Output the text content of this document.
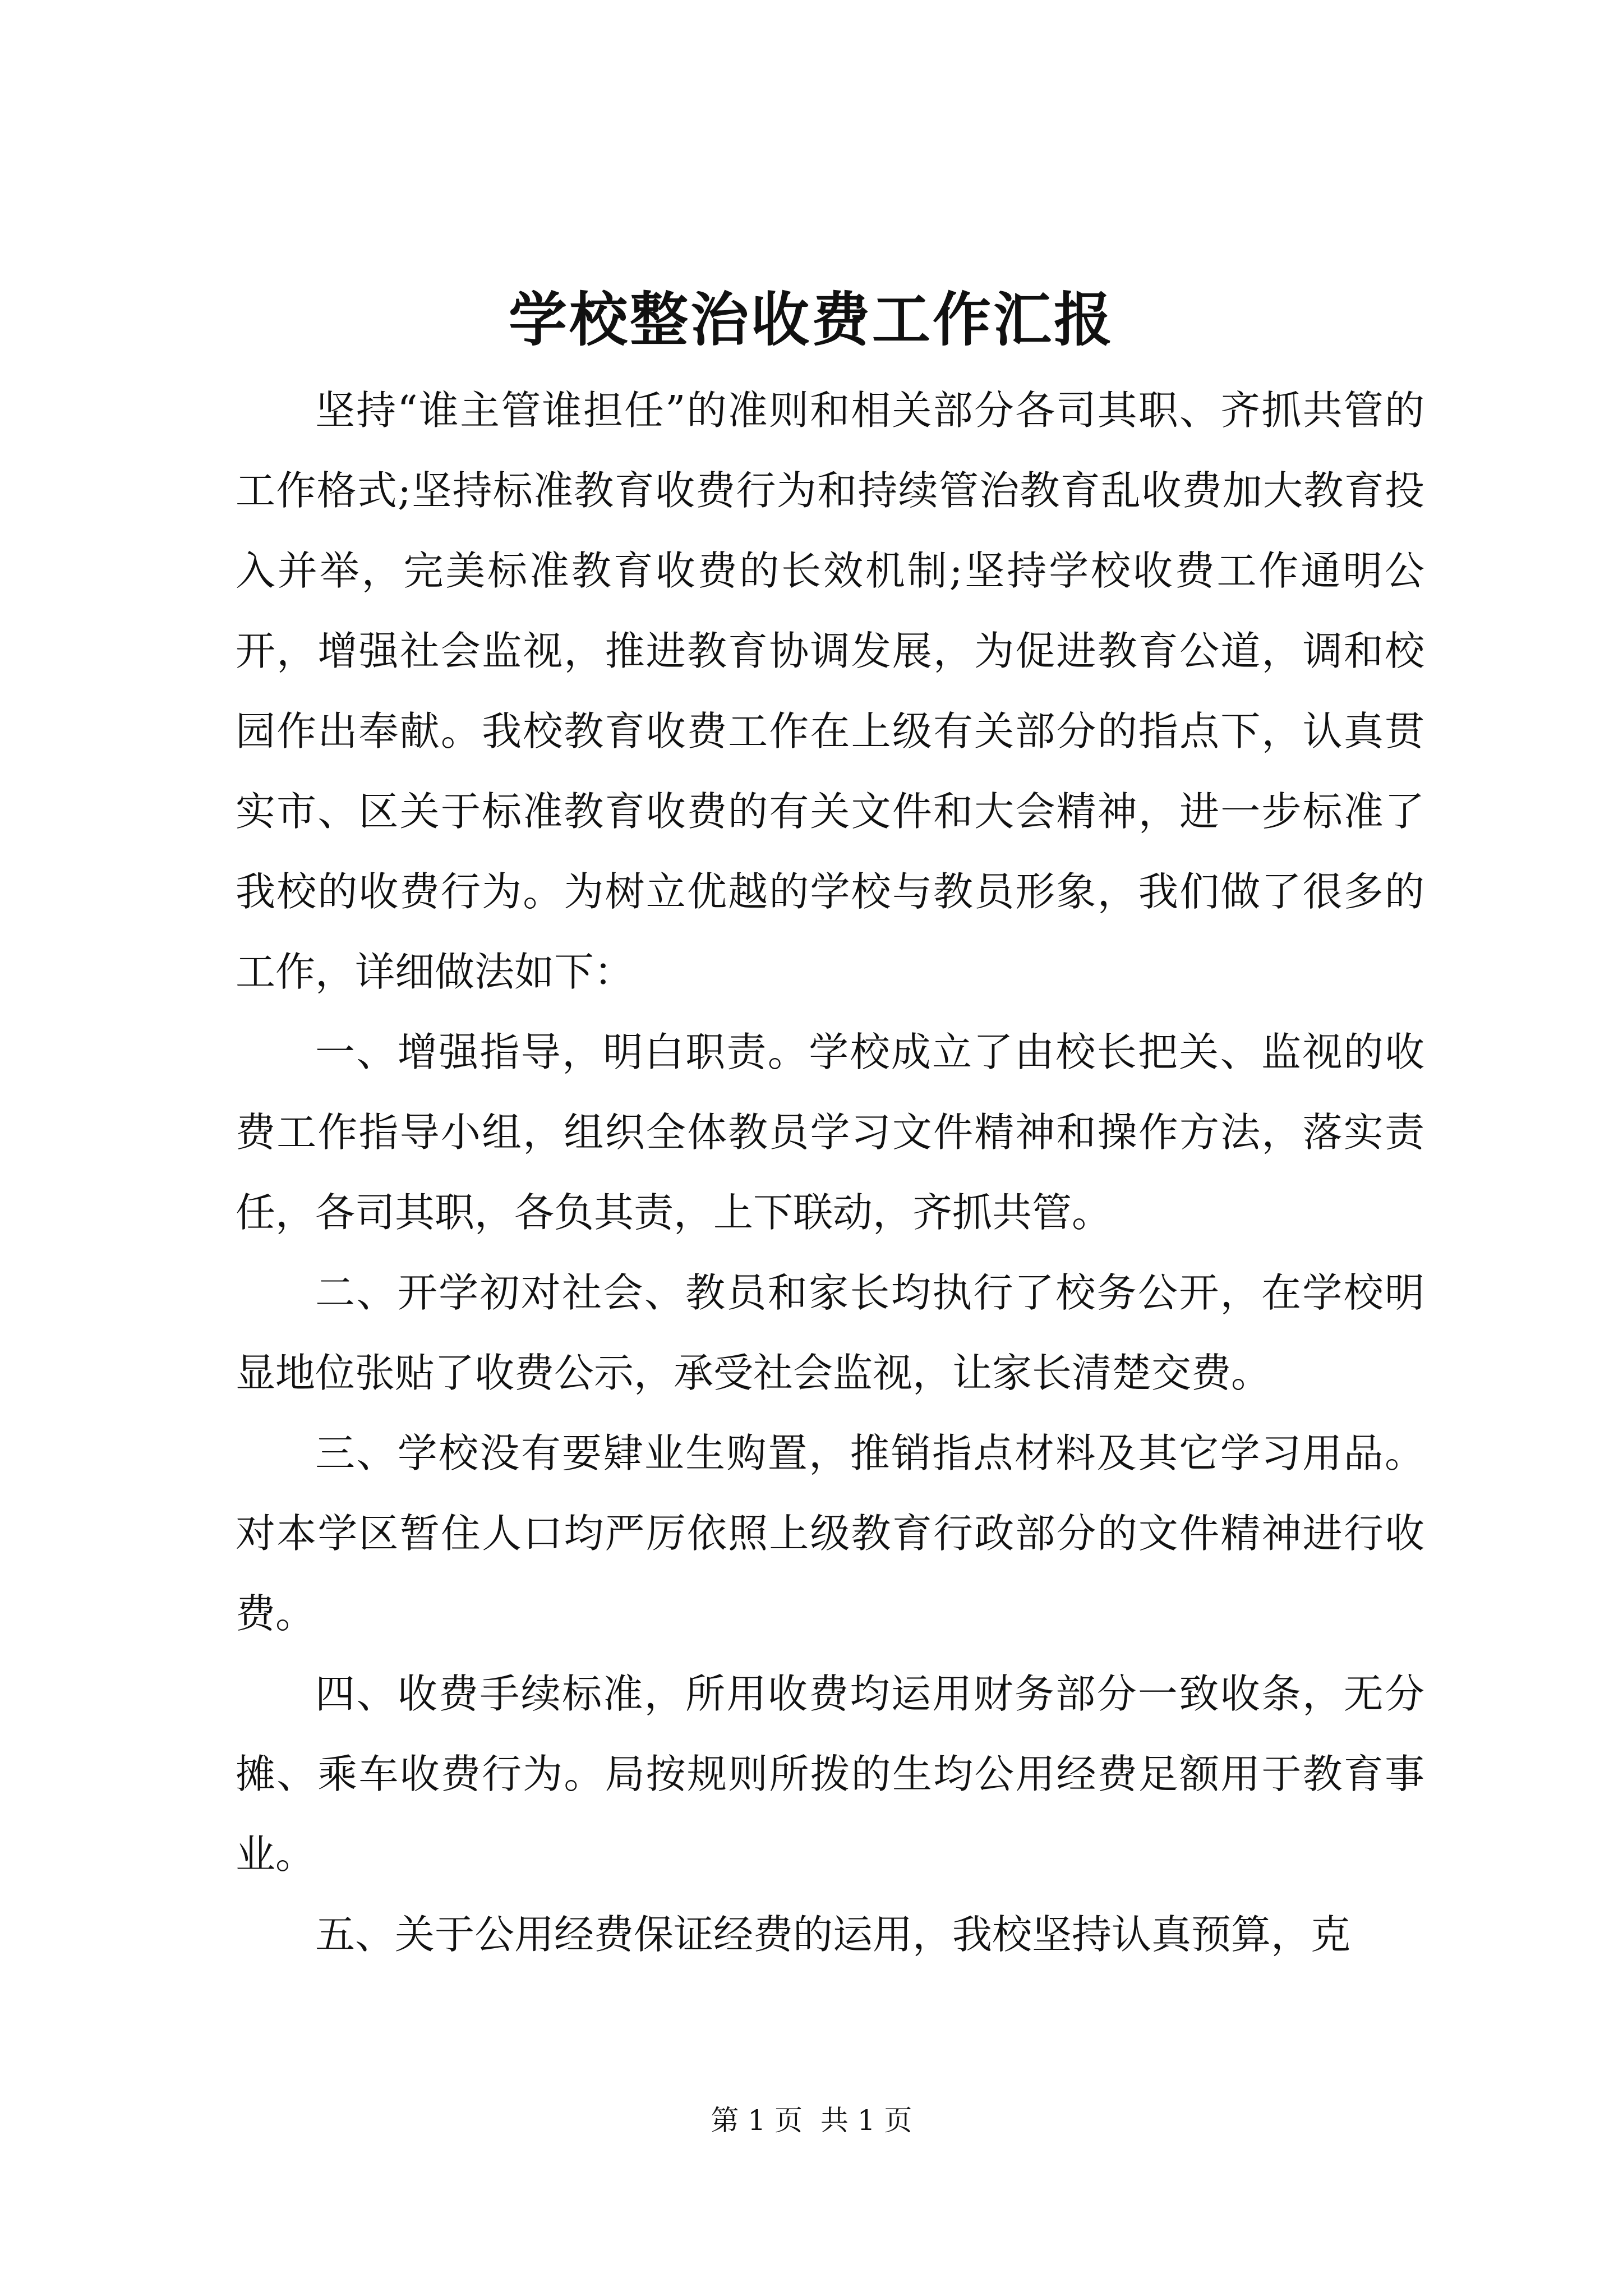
学校整治收费工作汇报

坚持“谁主管谁担任”的准则和相关部分各司其职、齐抓共管的工作格式;坚持标准教育收费行为和持续管治教育乱收费加大教育投入并举，完美标准教育收费的长效机制;坚持学校收费工作通明公开，增强社会监视，推进教育协调发展，为促进教育公道，调和校园作出奉献。我校教育收费工作在上级有关部分的指点下，认真贯实市、区关于标准教育收费的有关文件和大会精神，进一步标准了我校的收费行为。为树立优越的学校与教员形象，我们做了很多的工作，详细做法如下：

一、增强指导，明白职责。学校成立了由校长把关、监视的收费工作指导小组，组织全体教员学习文件精神和操作方法，落实责任，各司其职，各负其责，上下联动，齐抓共管。

二、开学初对社会、教员和家长均执行了校务公开，在学校明显地位张贴了收费公示，承受社会监视，让家长清楚交费。

三、学校没有要肄业生购置，推销指点材料及其它学习用品。对本学区暂住人口均严厉依照上级教育行政部分的文件精神进行收费。

四、收费手续标准，所用收费均运用财务部分一致收条，无分摊、乘车收费行为。局按规则所拨的生均公用经费足额用于教育事业。

五、关于公用经费保证经费的运用，我校坚持认真预算，克

第 1 页 共 1 页
